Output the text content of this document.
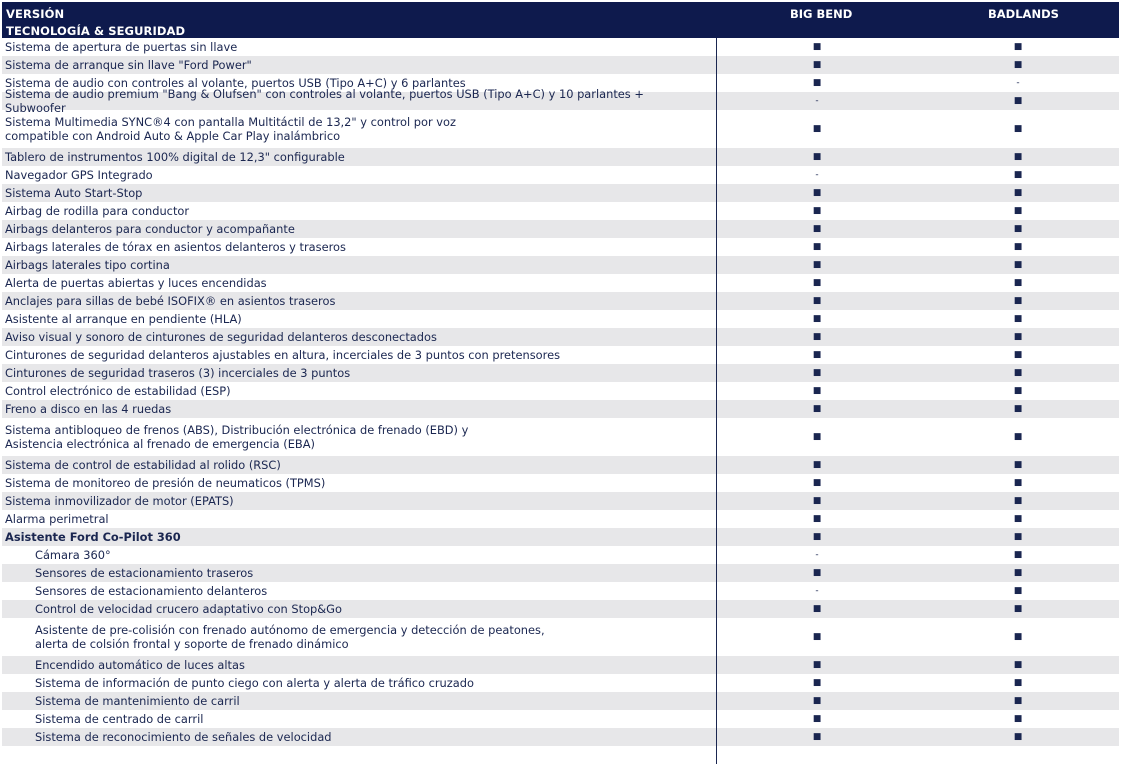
VERSIÓN
TECNOLOGÍA & SEGURIDAD
BIG BEND	BADLANDS
Sistema de apertura de puertas sin llave	■	■
Sistema de arranque sin llave "Ford Power"	■	■
Sistema de audio con controles al volante, puertos USB (Tipo A+C) y 6 parlantes	■	-
Sistema de audio premium "Bang & Olufsen" con controles al volante, puertos USB (Tipo A+C) y 10 parlantes + Subwoofer	-	■
Sistema Multimedia SYNC®4 con pantalla Multitáctil de 13,2" y control por voz
compatible con Android Auto & Apple Car Play inalámbrico	■	■
Tablero de instrumentos 100% digital de 12,3" configurable	■	■
Navegador GPS Integrado	-	■
Sistema Auto Start-Stop	■	■
Airbag de rodilla para conductor	■	■
Airbags delanteros para conductor y acompañante	■	■
Airbags laterales de tórax en asientos delanteros y traseros	■	■
Airbags laterales tipo cortina	■	■
Alerta de puertas abiertas y luces encendidas	■	■
Anclajes para sillas de bebé ISOFIX® en asientos traseros	■	■
Asistente al arranque en pendiente (HLA)	■	■
Aviso visual y sonoro de cinturones de seguridad delanteros desconectados	■	■
Cinturones de seguridad delanteros ajustables en altura, incerciales de 3 puntos con pretensores	■	■
Cinturones de seguridad traseros (3) incerciales de 3 puntos	■	■
Control electrónico de estabilidad (ESP)	■	■
Freno a disco en las 4 ruedas	■	■
Sistema antibloqueo de frenos (ABS), Distribución electrónica de frenado (EBD) y
Asistencia electrónica al frenado de emergencia (EBA)	■	■
Sistema de control de estabilidad al rolido (RSC)	■	■
Sistema de monitoreo de presión de neumaticos (TPMS)	■	■
Sistema inmovilizador de motor (EPATS)	■	■
Alarma perimetral	■	■
Asistente Ford Co-Pilot 360	■	■
Cámara 360°	-	■
Sensores de estacionamiento traseros	■	■
Sensores de estacionamiento delanteros	-	■
Control de velocidad crucero adaptativo con Stop&Go	■	■
Asistente de pre-colisión con frenado autónomo de emergencia y detección de peatones,
alerta de colsión frontal y soporte de frenado dinámico	■	■
Encendido automático de luces altas	■	■
Sistema de información de punto ciego con alerta y alerta de tráfico cruzado	■	■
Sistema de mantenimiento de carril	■	■
Sistema de centrado de carril	■	■
Sistema de reconocimiento de señales de velocidad	■	■
